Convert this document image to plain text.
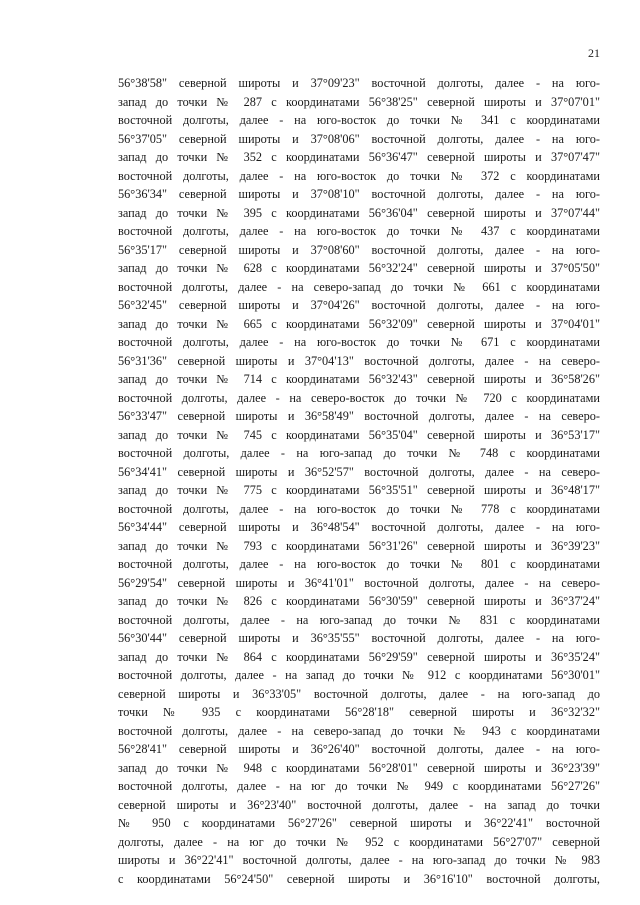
21
56°38'58" северной широты и 37°09'23" восточной долготы, далее - на юго-
запад до точки № 287 с координатами 56°38'25" северной широты и 37°07'01"
восточной долготы, далее - на юго-восток до точки № 341 с координатами
56°37'05" северной широты и 37°08'06" восточной долготы, далее - на юго-
запад до точки № 352 с координатами 56°36'47" северной широты и 37°07'47"
восточной долготы, далее - на юго-восток до точки № 372 с координатами
56°36'34" северной широты и 37°08'10" восточной долготы, далее - на юго-
запад до точки № 395 с координатами 56°36'04" северной широты и 37°07'44"
восточной долготы, далее - на юго-восток до точки № 437 с координатами
56°35'17" северной широты и 37°08'60" восточной долготы, далее - на юго-
запад до точки № 628 с координатами 56°32'24" северной широты и 37°05'50"
восточной долготы, далее - на северо-запад до точки № 661 с координатами
56°32'45" северной широты и 37°04'26" восточной долготы, далее - на юго-
запад до точки № 665 с координатами 56°32'09" северной широты и 37°04'01"
восточной долготы, далее - на юго-восток до точки № 671 с координатами
56°31'36" северной широты и 37°04'13" восточной долготы, далее - на северо-
запад до точки № 714 с координатами 56°32'43" северной широты и 36°58'26"
восточной долготы, далее - на северо-восток до точки № 720 с координатами
56°33'47" северной широты и 36°58'49" восточной долготы, далее - на северо-
запад до точки № 745 с координатами 56°35'04" северной широты и 36°53'17"
восточной долготы, далее - на юго-запад до точки № 748 с координатами
56°34'41" северной широты и 36°52'57" восточной долготы, далее - на северо-
запад до точки № 775 с координатами 56°35'51" северной широты и 36°48'17"
восточной долготы, далее - на юго-восток до точки № 778 с координатами
56°34'44" северной широты и 36°48'54" восточной долготы, далее - на юго-
запад до точки № 793 с координатами 56°31'26" северной широты и 36°39'23"
восточной долготы, далее - на юго-восток до точки № 801 с координатами
56°29'54" северной широты и 36°41'01" восточной долготы, далее - на северо-
запад до точки № 826 с координатами 56°30'59" северной широты и 36°37'24"
восточной долготы, далее - на юго-запад до точки № 831 с координатами
56°30'44" северной широты и 36°35'55" восточной долготы, далее - на юго-
запад до точки № 864 с координатами 56°29'59" северной широты и 36°35'24"
восточной долготы, далее - на запад до точки № 912 с координатами 56°30'01"
северной широты и 36°33'05" восточной долготы, далее - на юго-запад до
точки № 935 с координатами 56°28'18" северной широты и 36°32'32"
восточной долготы, далее - на северо-запад до точки № 943 с координатами
56°28'41" северной широты и 36°26'40" восточной долготы, далее - на юго-
запад до точки № 948 с координатами 56°28'01" северной широты и 36°23'39"
восточной долготы, далее - на юг до точки № 949 с координатами 56°27'26"
северной широты и 36°23'40" восточной долготы, далее - на запад до точки
№ 950 с координатами 56°27'26" северной широты и 36°22'41" восточной
долготы, далее - на юг до точки № 952 с координатами 56°27'07" северной
широты и 36°22'41" восточной долготы, далее - на юго-запад до точки № 983
с координатами 56°24'50" северной широты и 36°16'10" восточной долготы,
